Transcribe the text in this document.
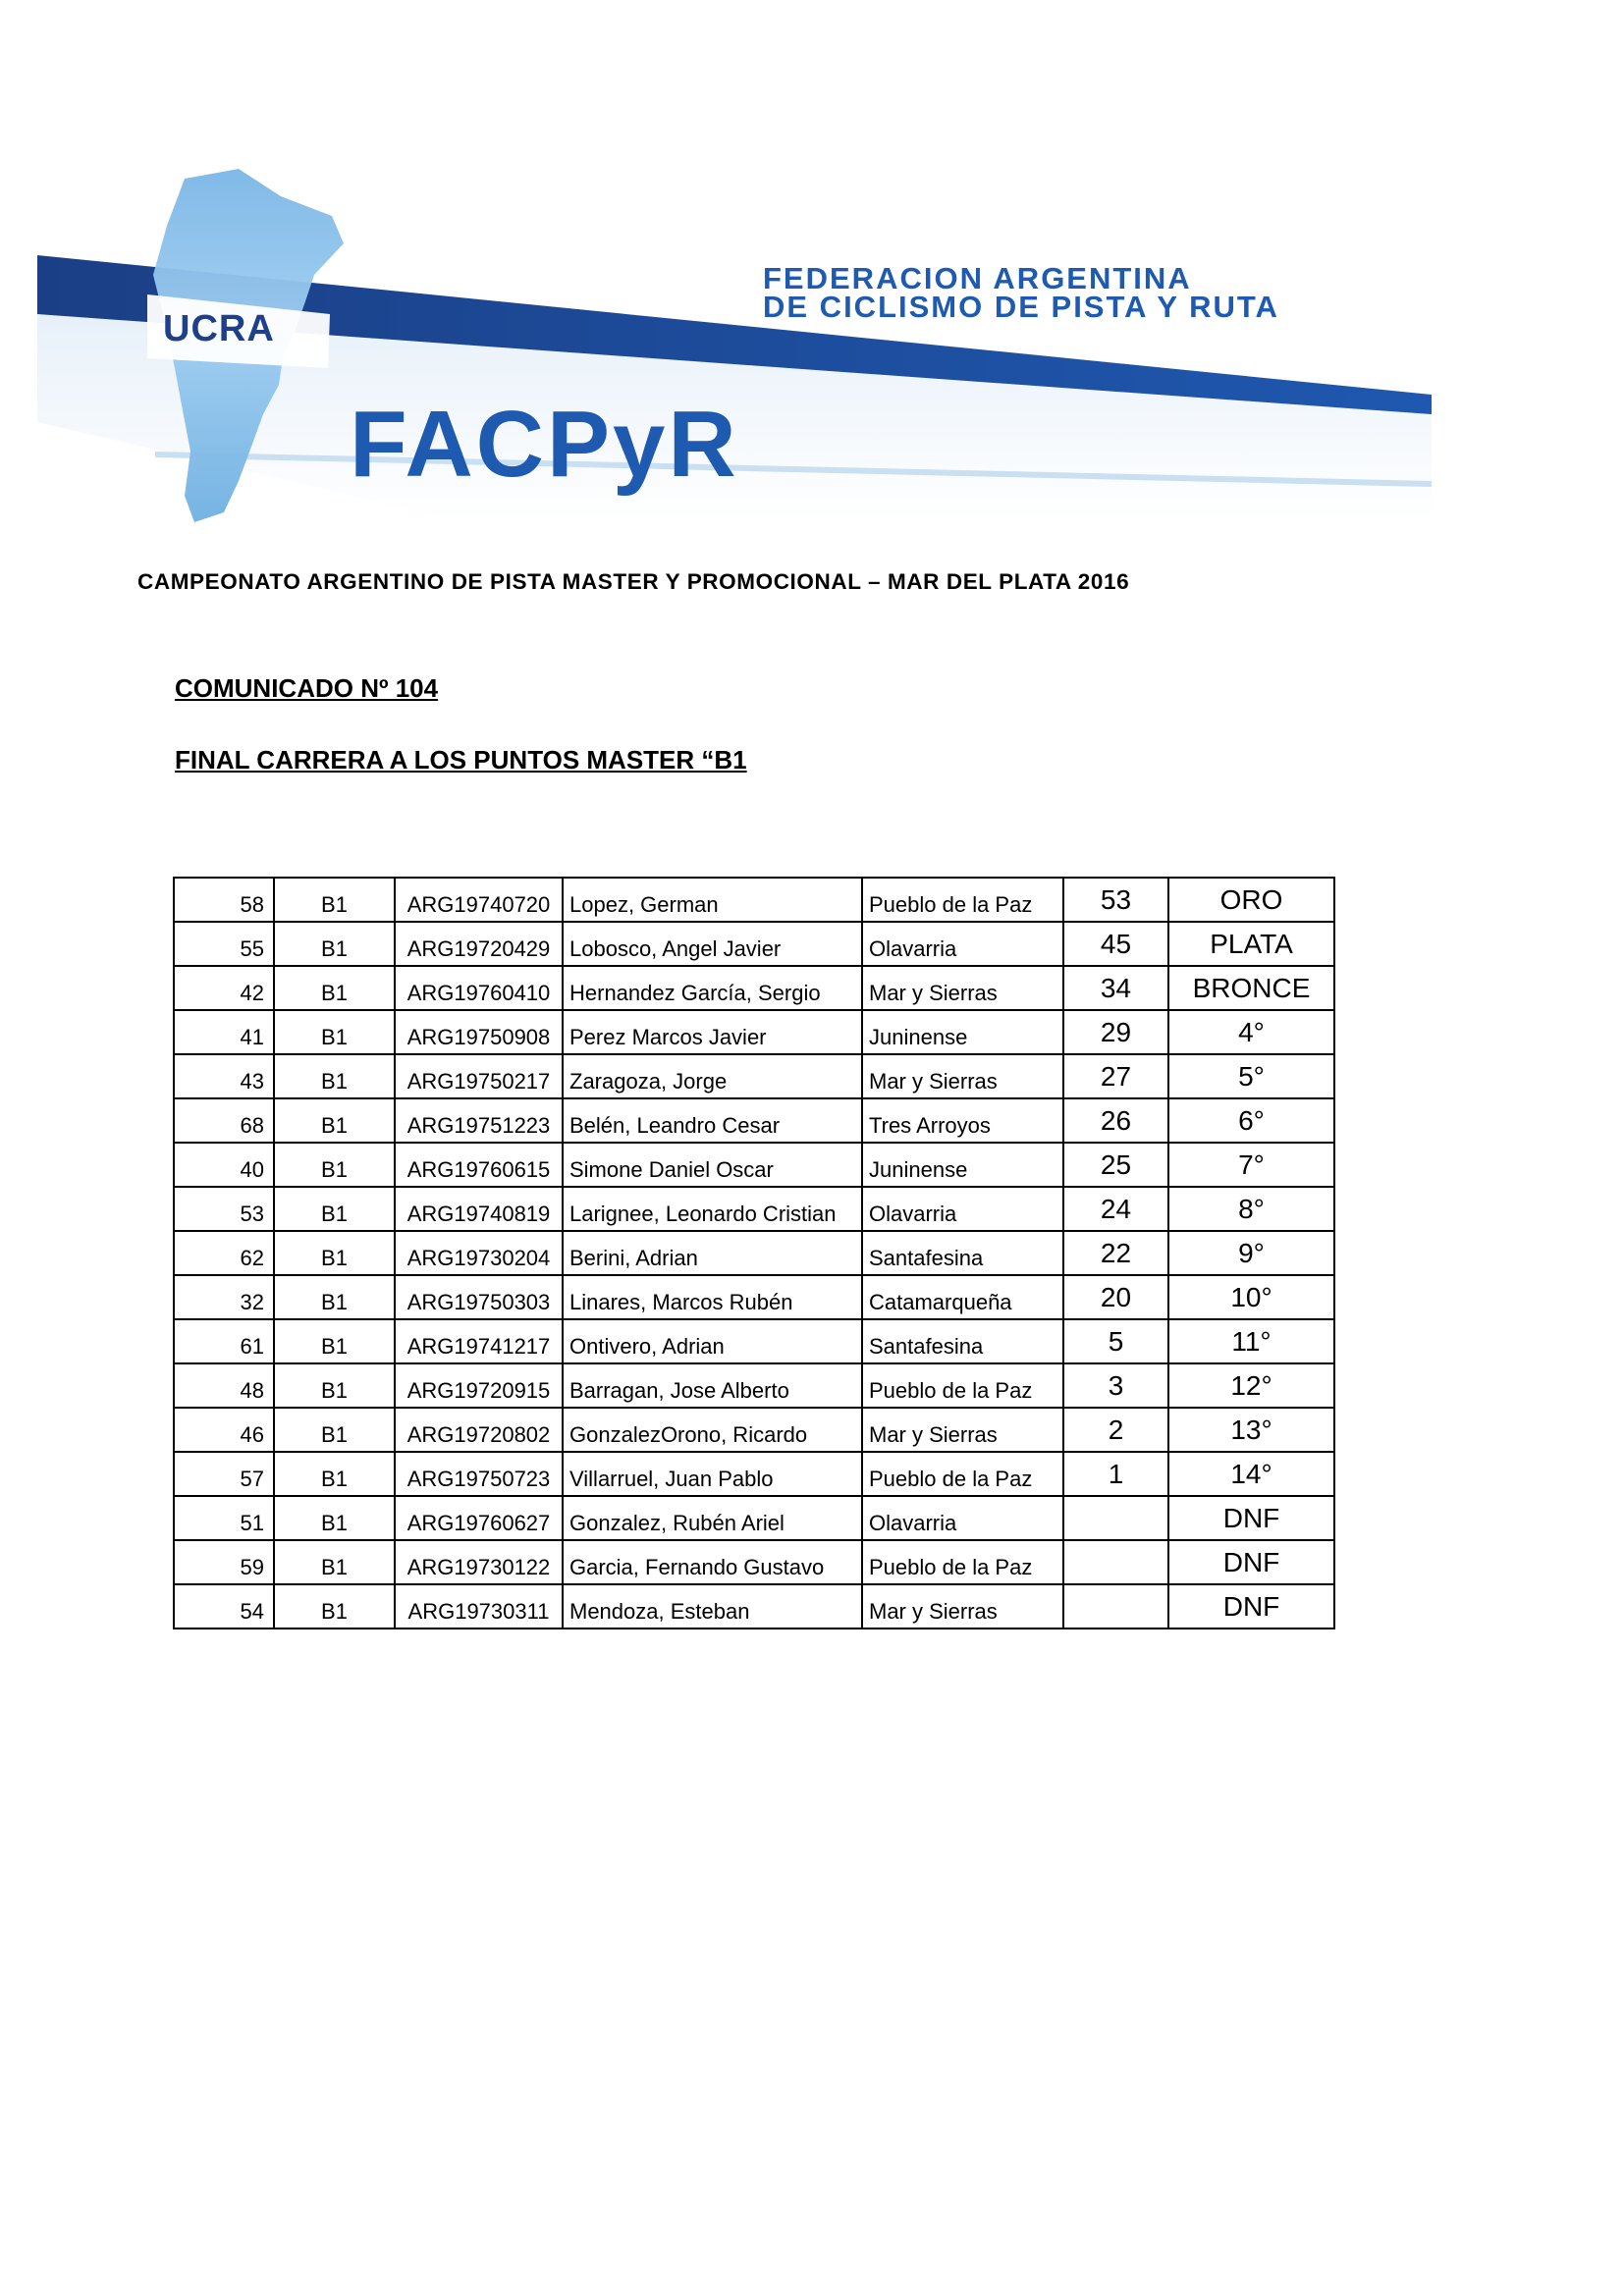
UCRA
FACPyR
FEDERACION ARGENTINA
DE CICLISMO DE PISTA Y RUTA
CAMPEONATO ARGENTINO DE PISTA MASTER Y PROMOCIONAL – MAR DEL PLATA 2016
COMUNICADO Nº 104
FINAL CARRERA A LOS PUNTOS MASTER “B1
58	B1	ARG19740720	Lopez, German	Pueblo de la Paz	53	ORO
55	B1	ARG19720429	Lobosco, Angel Javier	Olavarria	45	PLATA
42	B1	ARG19760410	Hernandez García, Sergio	Mar y Sierras	34	BRONCE
41	B1	ARG19750908	Perez Marcos Javier	Juninense	29	4°
43	B1	ARG19750217	Zaragoza, Jorge	Mar y Sierras	27	5°
68	B1	ARG19751223	Belén, Leandro Cesar	Tres Arroyos	26	6°
40	B1	ARG19760615	Simone Daniel Oscar	Juninense	25	7°
53	B1	ARG19740819	Larignee, Leonardo Cristian	Olavarria	24	8°
62	B1	ARG19730204	Berini, Adrian	Santafesina	22	9°
32	B1	ARG19750303	Linares, Marcos Rubén	Catamarqueña	20	10°
61	B1	ARG19741217	Ontivero, Adrian	Santafesina	5	11°
48	B1	ARG19720915	Barragan, Jose Alberto	Pueblo de la Paz	3	12°
46	B1	ARG19720802	GonzalezOrono, Ricardo	Mar y Sierras	2	13°
57	B1	ARG19750723	Villarruel, Juan Pablo	Pueblo de la Paz	1	14°
51	B1	ARG19760627	Gonzalez, Rubén Ariel	Olavarria		DNF
59	B1	ARG19730122	Garcia, Fernando Gustavo	Pueblo de la Paz		DNF
54	B1	ARG19730311	Mendoza, Esteban	Mar y Sierras		DNF
